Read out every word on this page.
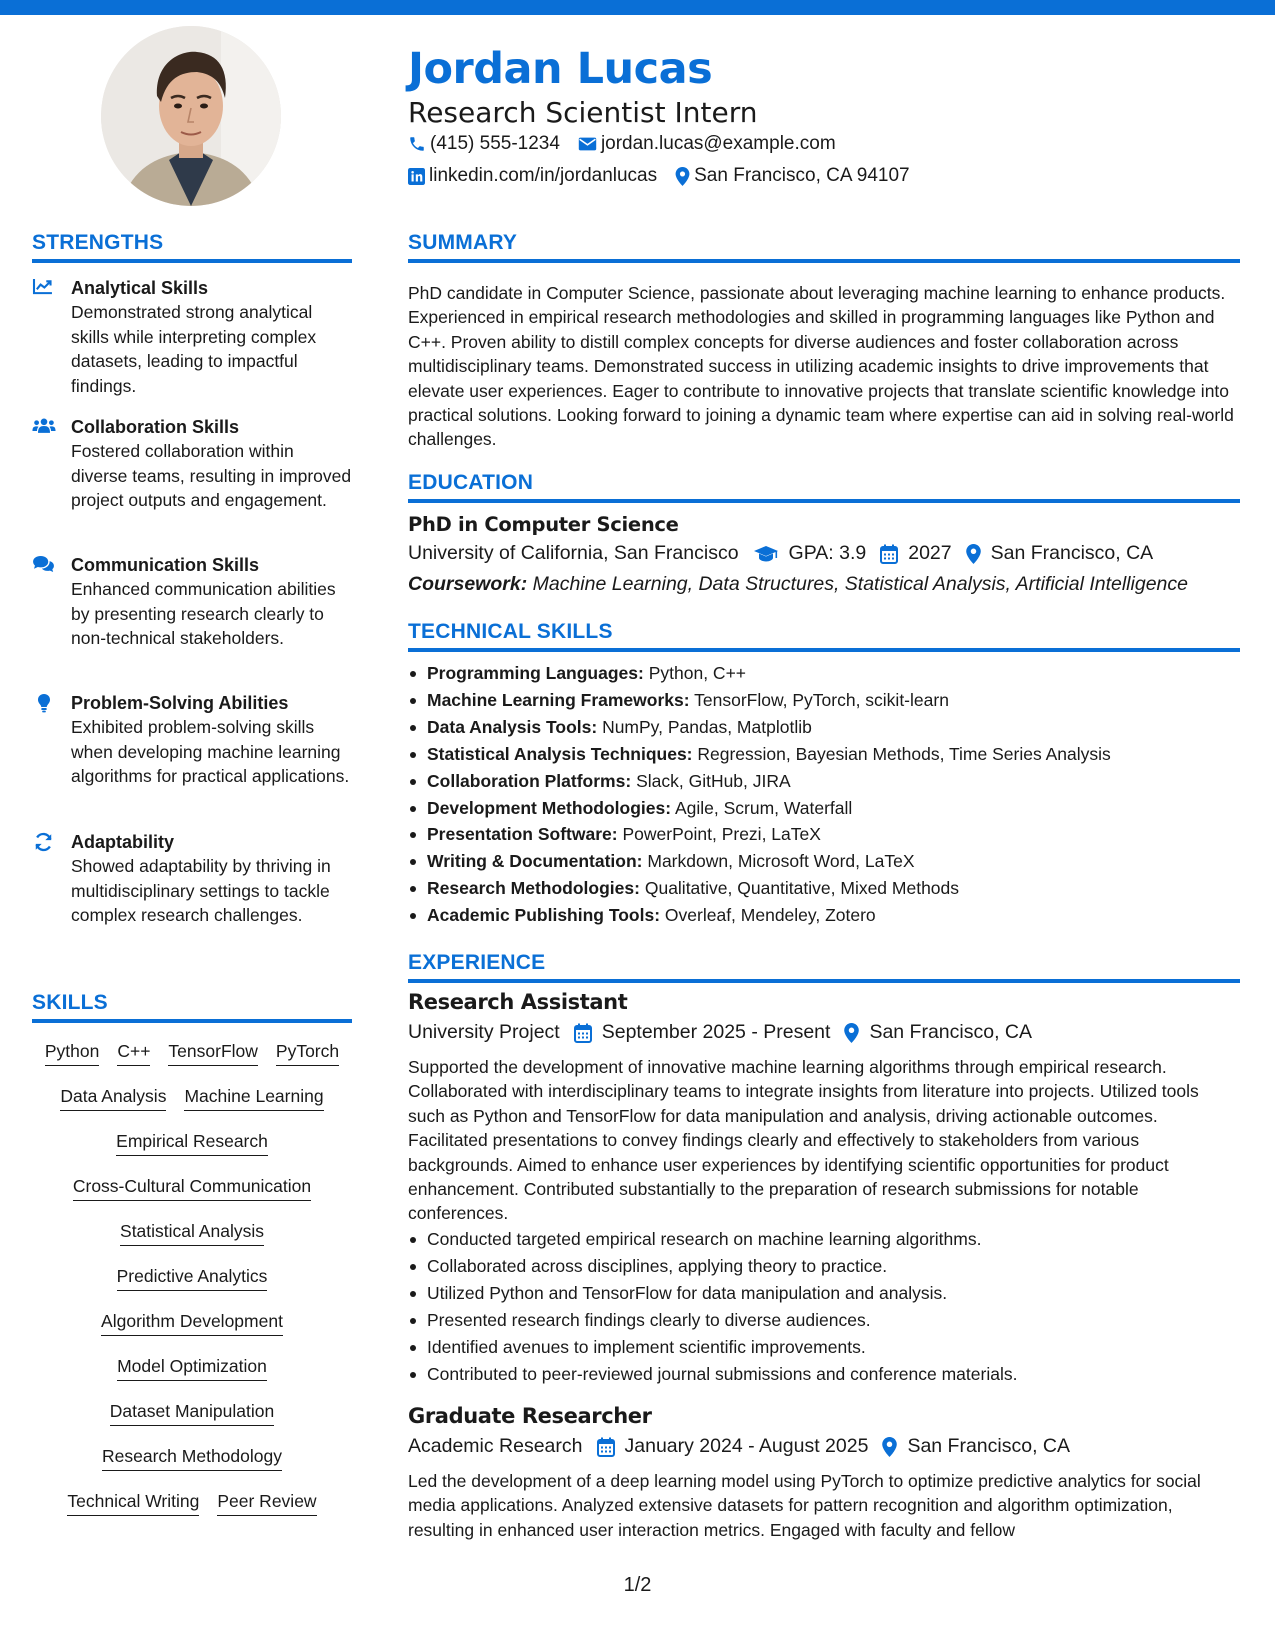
Jordan Lucas
Research Scientist Intern
(415) 555-1234 jordan.lucas@example.com
linkedin.com/in/jordanlucas San Francisco, CA 94107
STRENGTHS
Analytical Skills
Demonstrated strong analytical skills while interpreting complex datasets, leading to impactful findings.
Collaboration Skills
Fostered collaboration within diverse teams, resulting in improved project outputs and engagement.
Communication Skills
Enhanced communication abilities by presenting research clearly to non-technical stakeholders.
Problem-Solving Abilities
Exhibited problem-solving skills when developing machine learning algorithms for practical applications.
Adaptability
Showed adaptability by thriving in multidisciplinary settings to tackle complex research challenges.
SKILLS
Python C++ TensorFlow PyTorch
Data Analysis Machine Learning
Empirical Research
Cross-Cultural Communication
Statistical Analysis
Predictive Analytics
Algorithm Development
Model Optimization
Dataset Manipulation
Research Methodology
Technical Writing Peer Review
SUMMARY
PhD candidate in Computer Science, passionate about leveraging machine learning to enhance products. Experienced in empirical research methodologies and skilled in programming languages like Python and C++. Proven ability to distill complex concepts for diverse audiences and foster collaboration across multidisciplinary teams. Demonstrated success in utilizing academic insights to drive improvements that elevate user experiences. Eager to contribute to innovative projects that translate scientific knowledge into practical solutions. Looking forward to joining a dynamic team where expertise can aid in solving real-world challenges.
EDUCATION
PhD in Computer Science
University of California, San Francisco	GPA: 3.9 2027 San Francisco, CA
Coursework: Machine Learning, Data Structures, Statistical Analysis, Artificial Intelligence
TECHNICAL SKILLS
Programming Languages: Python, C++
Machine Learning Frameworks: TensorFlow, PyTorch, scikit-learn
Data Analysis Tools: NumPy, Pandas, Matplotlib
Statistical Analysis Techniques: Regression, Bayesian Methods, Time Series Analysis
Collaboration Platforms: Slack, GitHub, JIRA
Development Methodologies: Agile, Scrum, Waterfall
Presentation Software: PowerPoint, Prezi, LaTeX
Writing & Documentation: Markdown, Microsoft Word, LaTeX
Research Methodologies: Qualitative, Quantitative, Mixed Methods
Academic Publishing Tools: Overleaf, Mendeley, Zotero
EXPERIENCE
Research Assistant
University Project September 2025 - Present San Francisco, CA
Supported the development of innovative machine learning algorithms through empirical research. Collaborated with interdisciplinary teams to integrate insights from literature into projects. Utilized tools such as Python and TensorFlow for data manipulation and analysis, driving actionable outcomes. Facilitated presentations to convey findings clearly and effectively to stakeholders from various backgrounds. Aimed to enhance user experiences by identifying scientific opportunities for product enhancement. Contributed substantially to the preparation of research submissions for notable conferences.
Conducted targeted empirical research on machine learning algorithms.
Collaborated across disciplines, applying theory to practice.
Utilized Python and TensorFlow for data manipulation and analysis.
Presented research findings clearly to diverse audiences.
Identified avenues to implement scientific improvements.
Contributed to peer-reviewed journal submissions and conference materials.
Graduate Researcher
Academic Research January 2024 - August 2025 San Francisco, CA
Led the development of a deep learning model using PyTorch to optimize predictive analytics for social media applications. Analyzed extensive datasets for pattern recognition and algorithm optimization, resulting in enhanced user interaction metrics. Engaged with faculty and fellow
1/2
